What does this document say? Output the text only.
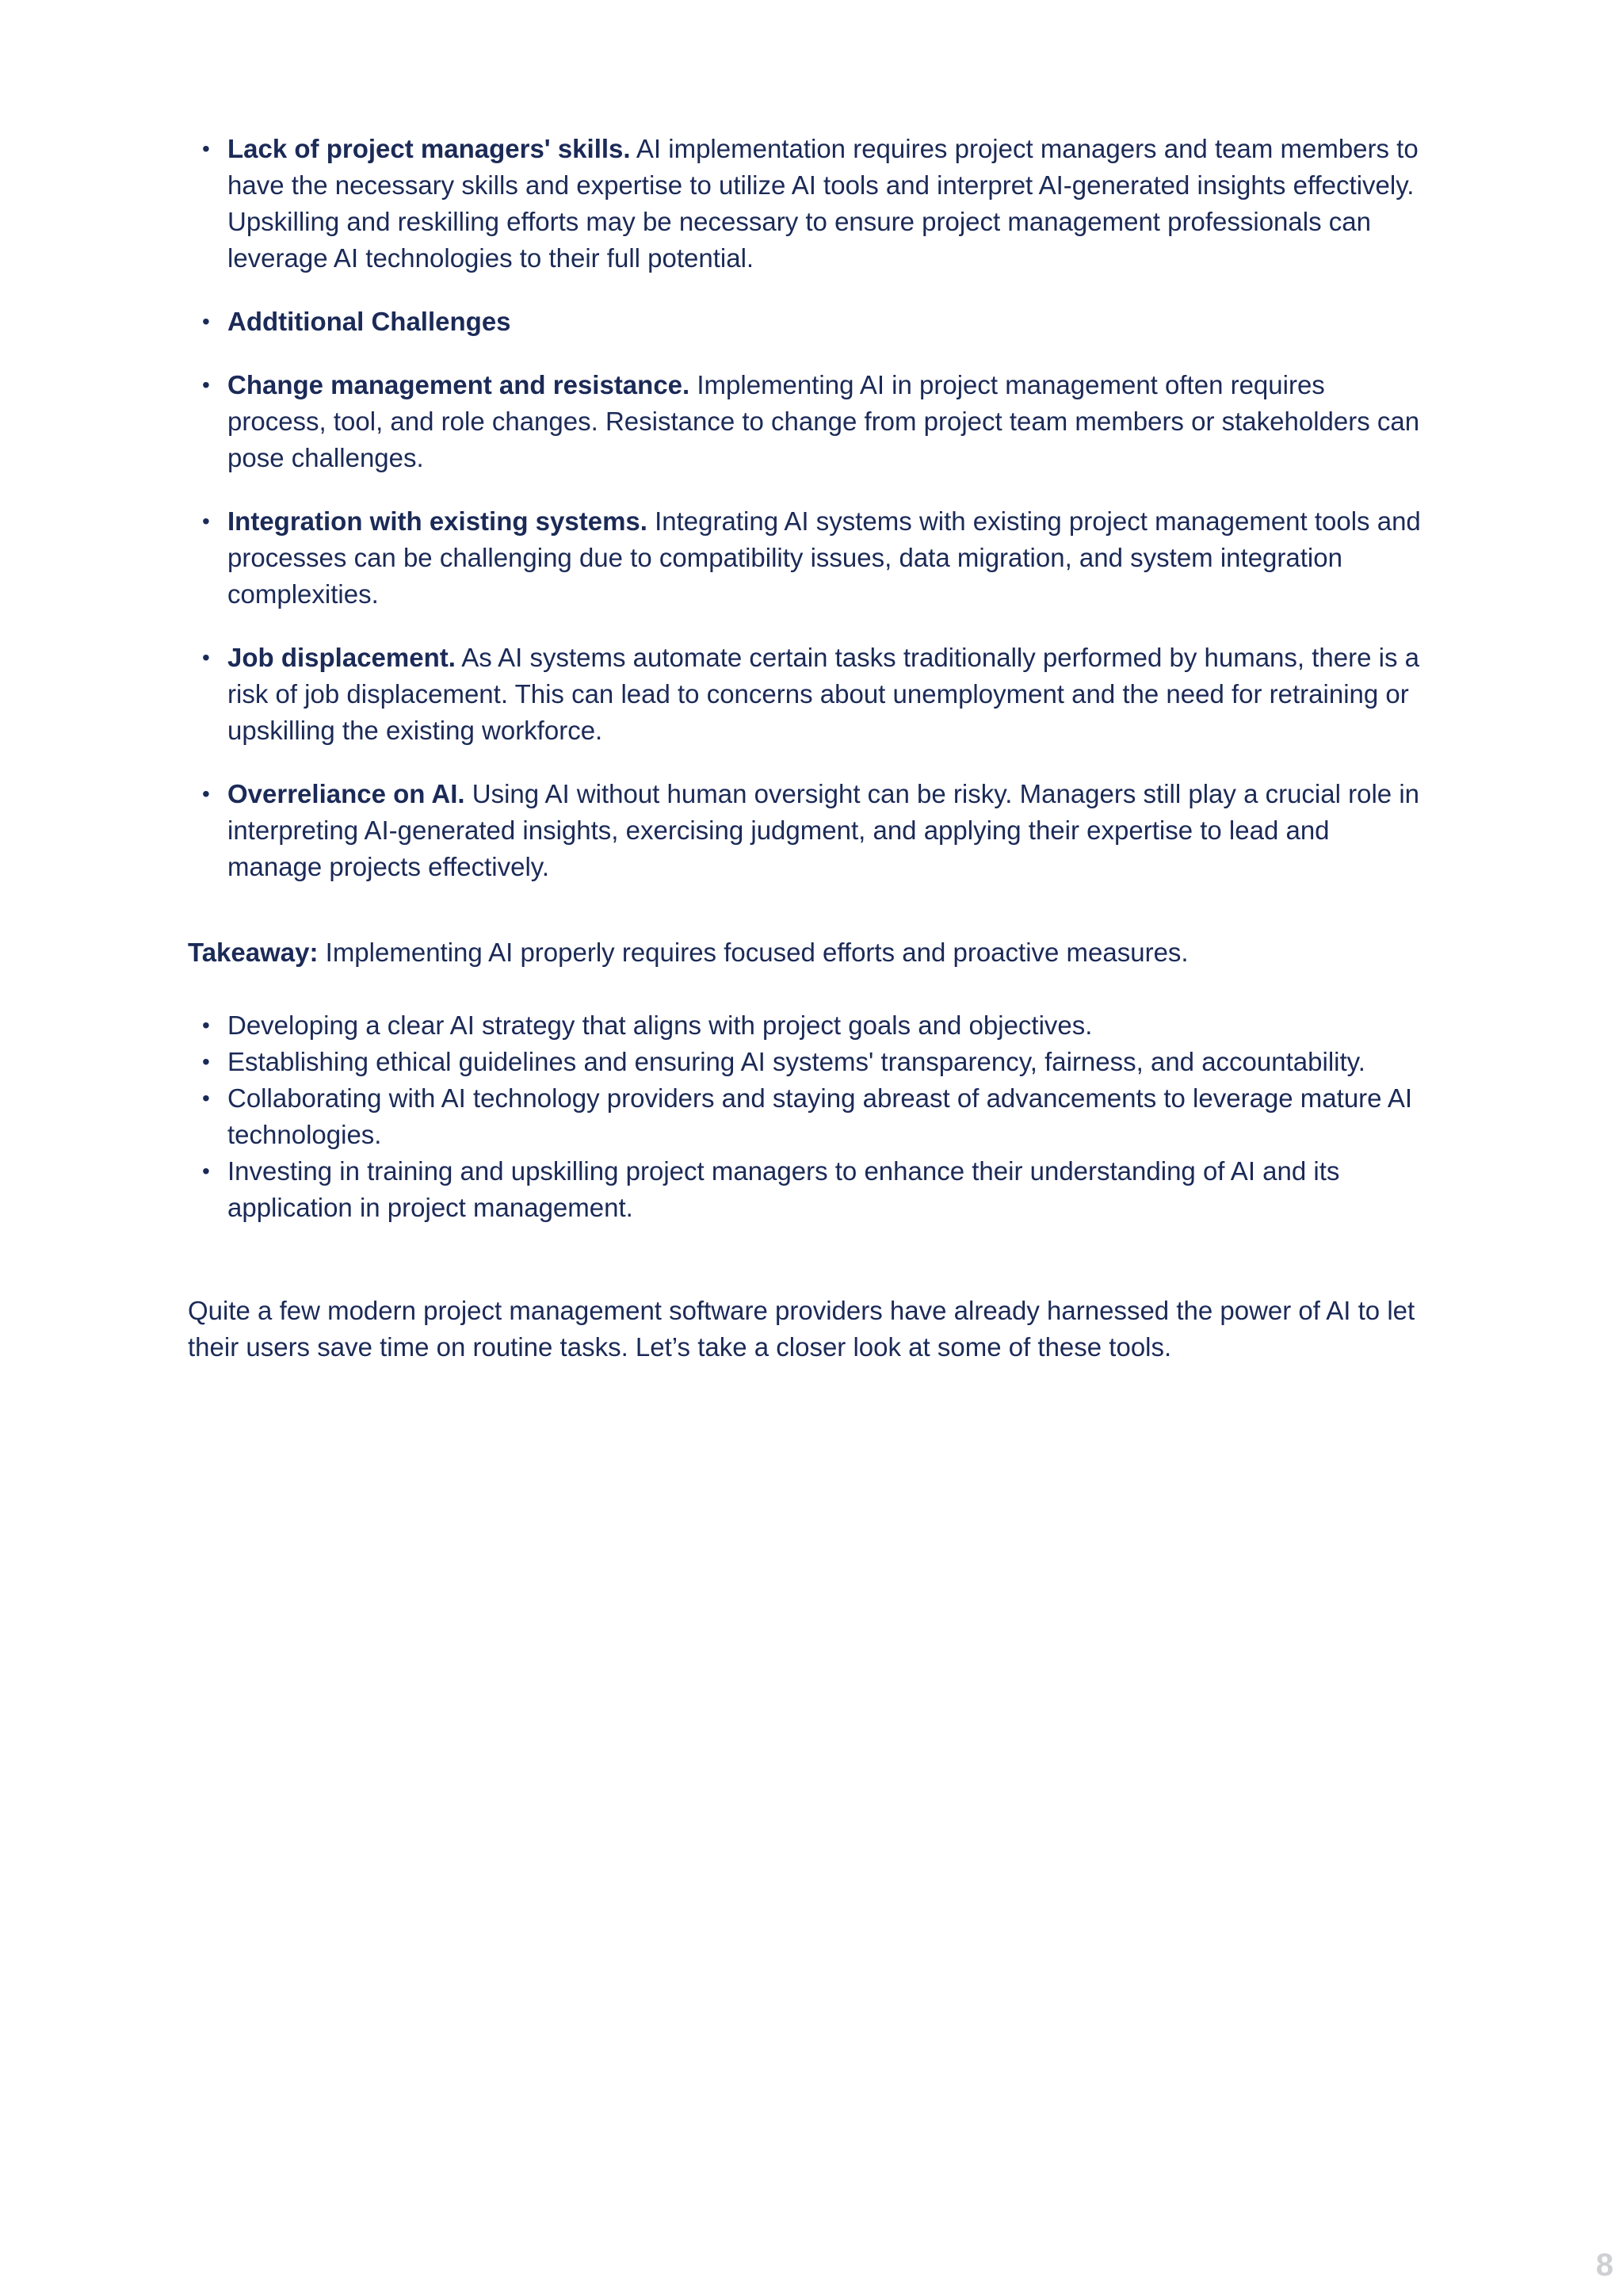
• Lack of project managers' skills. AI implementation requires project managers and team members to have the necessary skills and expertise to utilize AI tools and interpret AI-generated insights effectively. Upskilling and reskilling efforts may be necessary to ensure project management professionals can leverage AI technologies to their full potential.
• Addtitional Challenges
• Change management and resistance. Implementing AI in project management often requires process, tool, and role changes. Resistance to change from project team members or stakeholders can pose challenges.
• Integration with existing systems. Integrating AI systems with existing project management tools and processes can be challenging due to compatibility issues, data migration, and system integration complexities.
• Job displacement. As AI systems automate certain tasks traditionally performed by humans, there is a risk of job displacement. This can lead to concerns about unemployment and the need for retraining or upskilling the existing workforce.
• Overreliance on AI. Using AI without human oversight can be risky. Managers still play a crucial role in interpreting AI-generated insights, exercising judgment, and applying their expertise to lead and manage projects effectively.

Takeaway: Implementing AI properly requires focused efforts and proactive measures.

• Developing a clear AI strategy that aligns with project goals and objectives.
• Establishing ethical guidelines and ensuring AI systems' transparency, fairness, and accountability.
• Collaborating with AI technology providers and staying abreast of advancements to leverage mature AI technologies.
• Investing in training and upskilling project managers to enhance their understanding of AI and its application in project management.

Quite a few modern project management software providers have already harnessed the power of AI to let their users save time on routine tasks. Let’s take a closer look at some of these tools.

8
